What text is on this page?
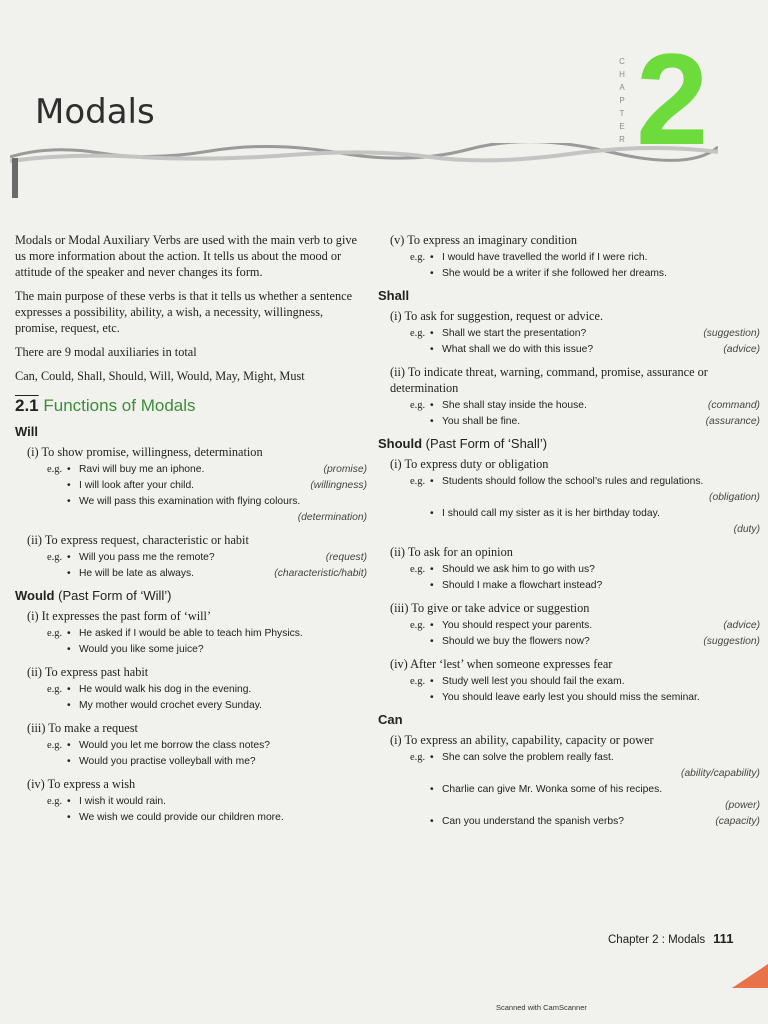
Modals
C
H
A
P
T
E
R 2

Modals or Modal Auxiliary Verbs are used with the main verb to give us more information about the action. It tells us about the mood or attitude of the speaker and never changes its form.

The main purpose of these verbs is that it tells us whether a sentence expresses a possibility, ability, a wish, a necessity, willingness, promise, request, etc.

There are 9 modal auxiliaries in total

Can, Could, Shall, Should, Will, Would, May, Might, Must

2.1 Functions of Modals
Will
(i) To show promise, willingness, determination
e.g.	• Ravi will buy me an iphone.	(promise)
• I will look after your child.	(willingness)
• We will pass this examination with flying colours.
(determination)
(ii) To express request, characteristic or habit
e.g.	• Will you pass me the remote?	(request)
• He will be late as always.	(characteristic/habit)
Would (Past Form of ‘Will’)
(i) It expresses the past form of ‘will’
e.g.	• He asked if I would be able to teach him Physics.
• Would you like some juice?
(ii) To express past habit
e.g.	• He would walk his dog in the evening.
• My mother would crochet every Sunday.
(iii) To make a request
e.g.	• Would you let me borrow the class notes?
• Would you practise volleyball with me?
(iv) To express a wish
e.g.	• I wish it would rain.
• We wish we could provide our children more.
(v) To express an imaginary condition
e.g.	• I would have travelled the world if I were rich.
• She would be a writer if she followed her dreams.
Shall
(i) To ask for suggestion, request or advice.
e.g.	• Shall we start the presentation?	(suggestion)
• What shall we do with this issue?	(advice)
(ii) To indicate threat, warning, command, promise, assurance or determination
e.g.	• She shall stay inside the house.	(command)
• You shall be fine.	(assurance)
Should (Past Form of ‘Shall’)
(i) To express duty or obligation
e.g.	• Students should follow the school’s rules and regulations.
(obligation)
• I should call my sister as it is her birthday today.
(duty)
(ii) To ask for an opinion
e.g.	• Should we ask him to go with us?
• Should I make a flowchart instead?
(iii) To give or take advice or suggestion
e.g.	• You should respect your parents.	(advice)
• Should we buy the flowers now?	(suggestion)
(iv) After ‘lest’ when someone expresses fear
e.g.	• Study well lest you should fail the exam.
• You should leave early lest you should miss the seminar.
Can
(i) To express an ability, capability, capacity or power
e.g.	• She can solve the problem really fast.
(ability/capability)
• Charlie can give Mr. Wonka some of his recipes.
(power)
• Can you understand the spanish verbs?	(capacity)
Chapter 2 : Modals 111
Scanned with CamScanner
